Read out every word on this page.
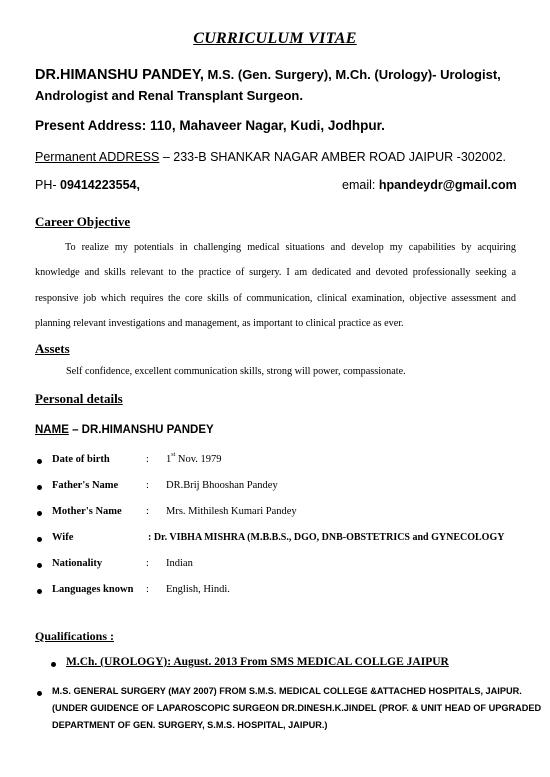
CURRICULUM VITAE
DR.HIMANSHU PANDEY, M.S. (Gen. Surgery), M.Ch. (Urology)- Urologist,
Andrologist and Renal Transplant Surgeon.
Present Address: 110, Mahaveer Nagar, Kudi, Jodhpur.
Permanent ADDRESS – 233-B SHANKAR NAGAR AMBER ROAD JAIPUR -302002.
PH- 09414223554,	email: hpandeydr@gmail.com
Career Objective
To realize my potentials in challenging medical situations and develop my capabilities by acquiring knowledge and skills relevant to the practice of surgery. I am dedicated and devoted professionally seeking a responsive job which requires the core skills of communication, clinical examination, objective assessment and planning relevant investigations and management, as important to clinical practice as ever.
Assets
Self confidence, excellent communication skills, strong will power, compassionate.
Personal details
NAME – DR.HIMANSHU PANDEY
Date of birth	: 1st Nov. 1979
Father's Name	: DR.Brij Bhooshan Pandey
Mother's Name : Mrs. Mithilesh Kumari Pandey
Wife	: Dr. VIBHA MISHRA (M.B.B.S., DGO, DNB-OBSTETRICS and GYNECOLOGY
Nationality	: Indian
Languages known : English, Hindi.
Qualifications :
M.Ch. (UROLOGY): August. 2013 From SMS MEDICAL COLLGE JAIPUR
M.S. GENERAL SURGERY (MAY 2007) FROM S.M.S. MEDICAL COLLEGE &ATTACHED HOSPITALS, JAIPUR.
(UNDER GUIDENCE OF LAPAROSCOPIC SURGEON DR.DINESH.K.JINDEL (PROF. & UNIT HEAD OF UPGRADED
DEPARTMENT OF GEN. SURGERY, S.M.S. HOSPITAL, JAIPUR.)
